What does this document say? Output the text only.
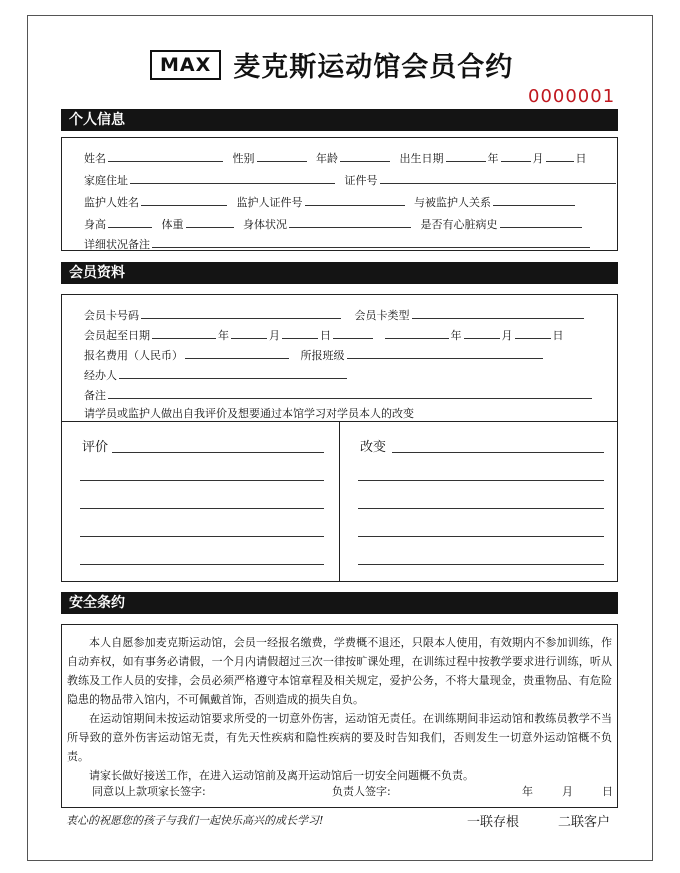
MAX 麦克斯运动馆会员合约
0000001
个人信息
姓名	性别	年龄	出生日期	年	月	日
家庭住址	证件号
监护人姓名	监护人证件号	与被监护人关系
身高	体重	身体状况	是否有心脏病史
详细状况备注
会员资料
会员卡号码	会员卡类型
会员起至日期	年	月	日	年	月	日
报名费用（人民币）	所报班级
经办人
备注
请学员或监护人做出自我评价及想要通过本馆学习对学员本人的改变
评价	改变
安全条约

本人自愿参加麦克斯运动馆，会员一经报名缴费，学费概不退还，只限本人使用，有效期内不参加训练，作自动弃权，如有事务必请假，一个月内请假超过三次一律按旷课处理，在训练过程中按教学要求进行训练，听从教练及工作人员的安排，会员必须严格遵守本馆章程及相关规定，爱护公务，不将大量现金，贵重物品、有危险隐患的物品带入馆内，不可佩戴首饰，否则造成的损失自负。

在运动馆期间未按运动馆要求所受的一切意外伤害，运动馆无责任。在训练期间非运动馆和教练员教学不当所导致的意外伤害运动馆无责，有先天性疾病和隐性疾病的要及时告知我们，否则发生一切意外运动馆概不负责。

请家长做好接送工作，在进入运动馆前及离开运动馆后一切安全问题概不负责。

同意以上款项家长签字:	负责人签字:	年	月	日
衷心的祝愿您的孩子与我们一起快乐高兴的成长学习!	一联存根	二联客户
